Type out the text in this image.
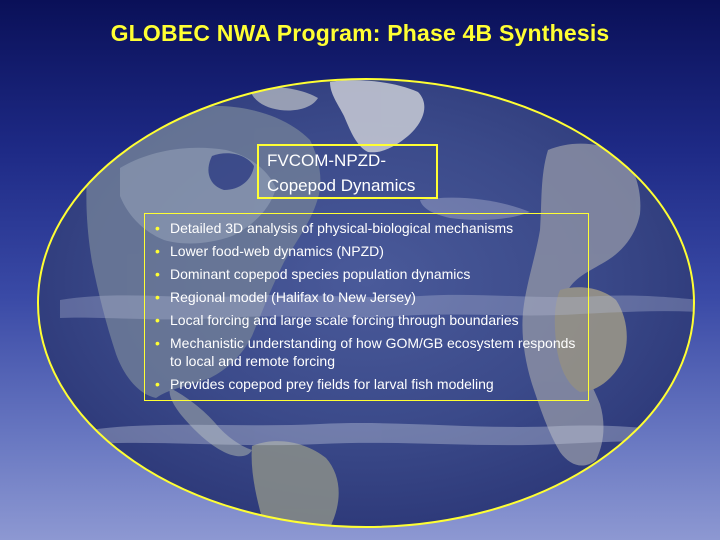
GLOBEC NWA Program: Phase 4B Synthesis
FVCOM-NPZD-
Copepod Dynamics
• Detailed 3D analysis of physical-biological mechanisms
• Lower food-web dynamics (NPZD)
• Dominant copepod species population dynamics
• Regional model (Halifax to New Jersey)
• Local forcing and large scale forcing through boundaries
• Mechanistic understanding of how GOM/GB ecosystem responds to local and remote forcing
• Provides copepod prey fields for larval fish modeling
